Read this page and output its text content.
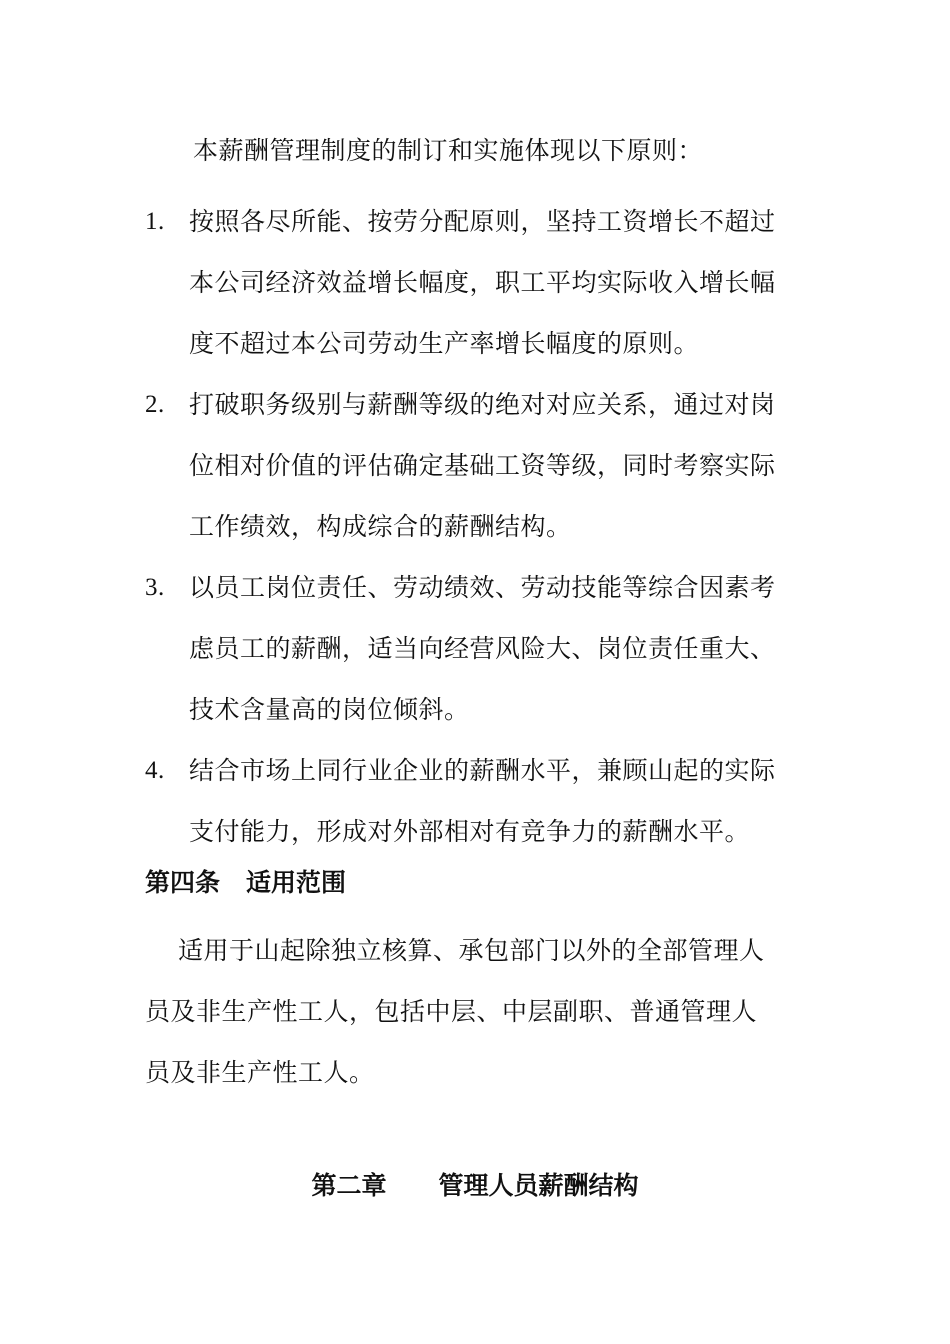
本薪酬管理制度的制订和实施体现以下原则：
1. 按照各尽所能、按劳分配原则，坚持工资增长不超过
本公司经济效益增长幅度，职工平均实际收入增长幅
度不超过本公司劳动生产率增长幅度的原则。
2. 打破职务级别与薪酬等级的绝对对应关系，通过对岗
位相对价值的评估确定基础工资等级，同时考察实际
工作绩效，构成综合的薪酬结构。
3. 以员工岗位责任、劳动绩效、劳动技能等综合因素考
虑员工的薪酬，适当向经营风险大、岗位责任重大、
技术含量高的岗位倾斜。
4. 结合市场上同行业企业的薪酬水平，兼顾山起的实际
支付能力，形成对外部相对有竞争力的薪酬水平。
第四条 适用范围
适用于山起除独立核算、承包部门以外的全部管理人
员及非生产性工人，包括中层、中层副职、普通管理人
员及非生产性工人。
第二章 管理人员薪酬结构
